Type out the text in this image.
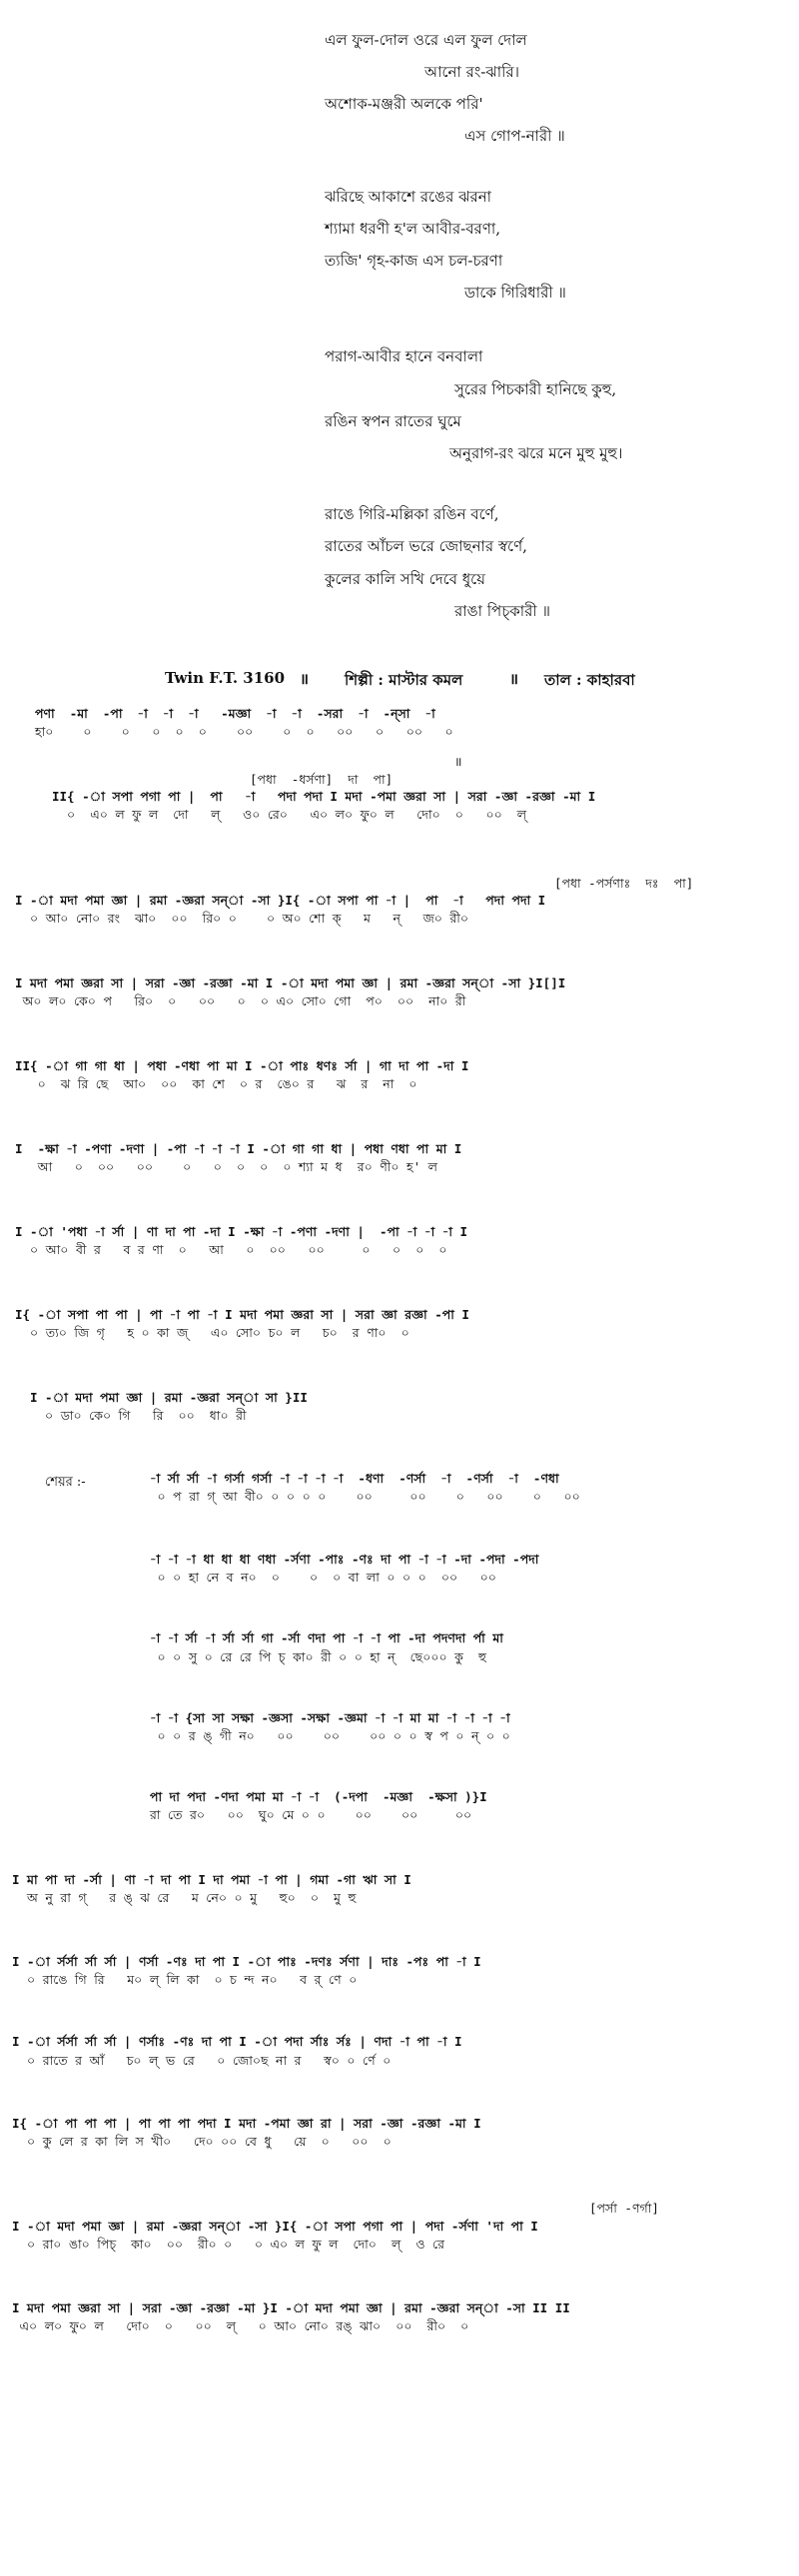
এল ফুল-দোল ওরে এল ফুল দোল
আনো রং-ঝারি।
অশোক-মঞ্জরী অলকে পরি'
এস গোপ-নারী ॥
ঝরিছে আকাশে রঙের ঝরনা
শ্যামা ধরণী হ'ল আবীর-বরণা,
ত্যজি' গৃহ-কাজ এস চল-চরণা
ডাকে গিরিধারী ॥
পরাগ-আবীর হানে বনবালা
সুরের পিচকারী হানিছে কুহু,
রঙিন স্বপন রাতের ঘুমে
অনুরাগ-রং ঝরে মনে মুহু মুহু।
রাঙে গিরি-মল্লিকা রঙিন বর্ণে,
রাতের আঁচল ভরে জোছনার স্বর্ণে,
কুলের কালি সখি দেবে ধুয়ে
রাঙা পিচ্‌কারী ॥
Twin F.T. 3160 ॥ শিল্পী : মাস্টার কমল	॥ তাল : কাহারবা
পণা  -মা  -পা  -া  -া  -া   -মজ্ঞা  -া  -া  -সরা  -া  -ন্‌সা  -া
হা০    ০    ০   ০  ০  ০    ০০    ০  ০   ০০   ০   ০০   ০
॥
[পধা  -ধর্সণা]  দা  পা]
II{ -া সপা পগা পা |  পা   -া   পদা পদা I মদা -পমা জ্ঞরা সা | সরা -জ্ঞা -রজ্ঞা -মা I
০  এ০ ল ফু ল  দো   ল্   ও০ রে০   এ০ ল০ ফু০ ল   দো০  ০   ০০  ল্
[পধা -পর্সণাঃ  দঃ  পা]
I -া মদা পমা জ্ঞা | রমা -জ্ঞরা সন্‌া -সা }I{ -া সপা পা -া |  পা  -া   পদা পদা I
০ আ০ নো০ রং  ঝা০  ০০  রি০ ০    ০ অ০ শো ক্   ম   ন্   জ০ রী০
I মদা পমা জ্ঞরা সা | সরা -জ্ঞা -রজ্ঞা -মা I -া মদা পমা জ্ঞা | রমা -জ্ঞরা সন্‌া -সা }I[]I
অ০ ল০ কে০ প   রি০  ০   ০০   ০  ০ এ০ সো০ গো  প০  ০০  না০ রী
II{ -া গা গা ধা | পধা -ণধা পা মা I -া পাঃ ধণঃ র্সা | গা দা পা -দা I
০  ঝ রি ছে  আ০  ০০  কা শে  ০ র  ঙে০ র   ঝ  র  না  ০
I  -ক্ষা -া -পণা -দণা | -পা -া -া -া I -া গা গা ধা | পধা ণধা পা মা I
আ   ০  ০০   ০০    ০   ০  ০  ০  ০ শ্যা ম ধ  র০ ণী০ হ' ল
I -া 'পধা -া র্সা | ণা দা পা -দা I -ক্ষা -া -পণা -দণা |  -পা -া -া -া I
০ আ০ বী র   ব র ণা  ০   আ   ০  ০০   ০০     ০   ০  ০  ০
I{ -া সপা পা পা | পা -া পা -া I মদা পমা জ্ঞরা সা | সরা জ্ঞা রজ্ঞা -পা I
০ ত্য০ জি গৃ   হ ০ কা জ্   এ০ সো০ চ০ ল   চ০  র ণা০  ০
I -া মদা পমা জ্ঞা | রমা -জ্ঞরা সন্‌া সা }II
০ ডা০ কে০ গি   রি  ০০  ধা০ রী
-া র্সা র্সা -া গর্সা গর্সা -া -া -া -া  -ধণা  -ণর্সা  -া  -ণর্সা  -া  -ণধা
০ প রা গ্ আ বী০ ০ ০ ০ ০    ০০     ০০    ০   ০০    ০   ০০
শেয়র :-
-া -া -া ধা ধা ধা ণধা -র্সণা -পাঃ -ণঃ দা পা -া -া -দা -পদা -পদা
০ ০ হা নে ব ন০  ০    ০  ০ বা লা ০ ০ ০  ০০   ০০
-া -া র্সা -া র্সা র্সা গা -র্সা ণদা পা -া -া পা -দা পদণদা র্পা মা
০ ০ সু ০ রে রে পি চ্ কা০ রী ০ ০ হা ন্  ছে০০০ কু  হু
-া -া {সা সা সক্ষা -জ্ঞসা -সক্ষা -জ্ঞমা -া -া মা মা -া -া -া -া
০ ০ র ঙ্ গী ন০   ০০    ০০    ০০ ০ ০ স্ব প ০ ন্ ০ ০
পা দা পদা -ণদা পমা মা -া -া  (-দপা  -মজ্ঞা  -ক্ষসা )}I
রা তে র০   ০০  ঘু০ মে ০ ০    ০০    ০০     ০০
I মা পা দা -র্সা | ণা -া দা পা I দা পমা -া পা | গমা -গা ঋা সা I
অ নু রা গ্   র ঙ্ ঝ রে   ম নে০ ০ মু   হু০  ০  মু হু
I -া র্সর্সা র্সা র্সা | ণর্সা -ণঃ দা পা I -া পাঃ -দণঃ র্সণা | দাঃ -পঃ পা -া I
০ রাঙে গি রি   ম০ ল্ লি কা  ০ চ ন্দ ন০   ব র্ ণে ০
I -া র্সর্সা র্সা র্সা | ণর্সাঃ -ণঃ দা পা I -া পদা র্সাঃ র্সঃ | ণদা -া পা -া I
০ রাতে র আঁ   চ০ ল্ ভ রে   ০ জো০ছ না র   স্ব০ ০ র্ণে ০
I{ -া পা পা পা | পা পা পা পদা I মদা -পমা জ্ঞা রা | সরা -জ্ঞা -রজ্ঞা -মা I
০ কু লে র কা লি স খী০   দে০ ০০ বে ধু   য়ে  ০   ০০  ০
[পর্সা -ণর্গা]
I -া মদা পমা জ্ঞা | রমা -জ্ঞরা সন্‌া -সা }I{ -া সপা পগা পা | পদা -র্সণা 'দা পা I
০ রা০ ঙা০ পিচ্  কা০  ০০  রী০ ০   ০ এ০ ল ফু ল  দো০  ল্  ও রে
I মদা পমা জ্ঞরা সা | সরা -জ্ঞা -রজ্ঞা -মা }I -া মদা পমা জ্ঞা | রমা -জ্ঞরা সন্‌া -সা II II
এ০ ল০ ফু০ ল   দো০  ০   ০০  ল্   ০ আ০ নো০ রঙ্ ঝা০  ০০  রী০  ০
